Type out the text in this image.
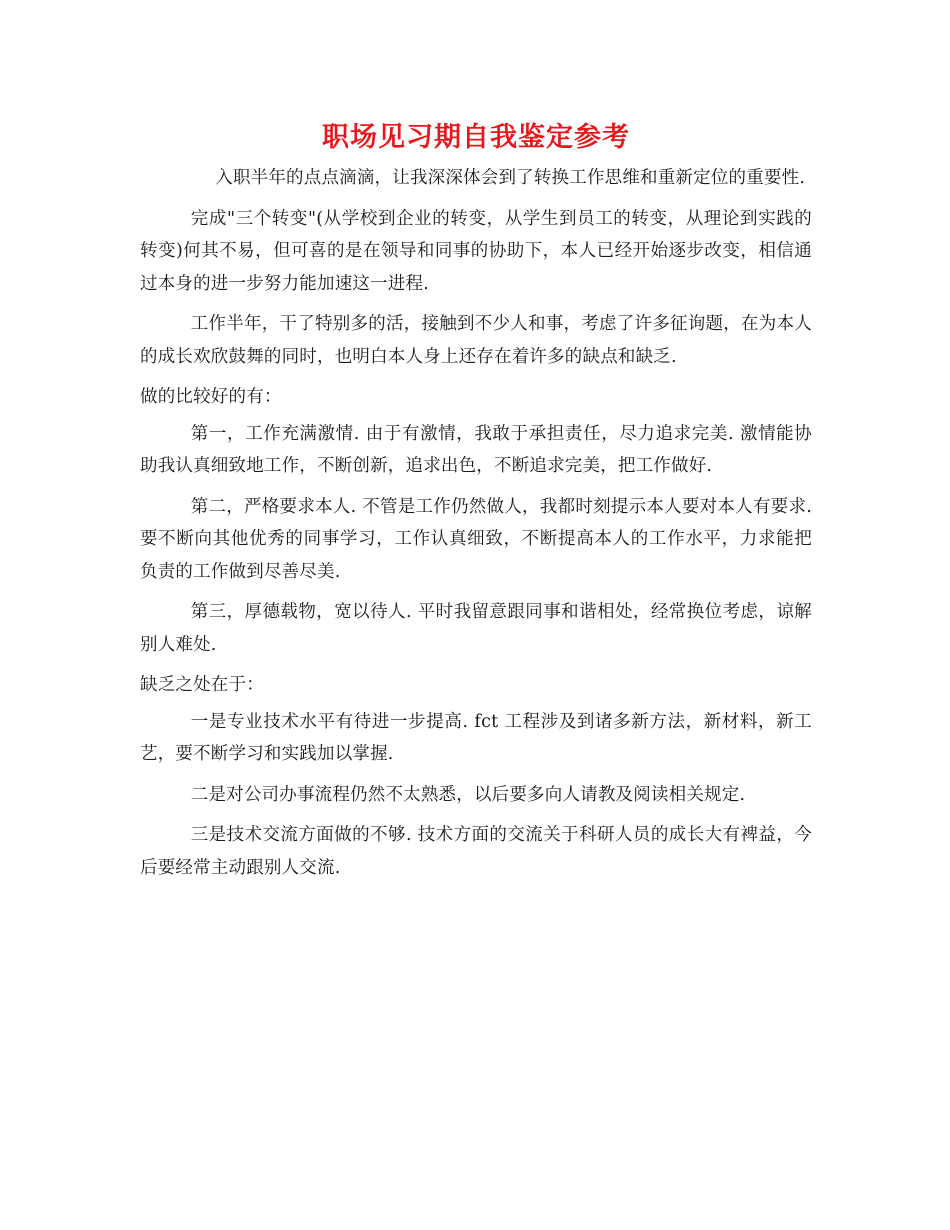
职场见习期自我鉴定参考

入职半年的点点滴滴，让我深深体会到了转换工作思维和重新定位的重要性.

完成"三个转变"(从学校到企业的转变，从学生到员工的转变，从理论到实践的转变)何其不易，但可喜的是在领导和同事的协助下，本人已经开始逐步改变，相信通过本身的进一步努力能加速这一进程.

工作半年，干了特别多的活，接触到不少人和事，考虑了许多征询题，在为本人的成长欢欣鼓舞的同时，也明白本人身上还存在着许多的缺点和缺乏.

做的比较好的有：

第一，工作充满激情. 由于有激情，我敢于承担责任，尽力追求完美. 激情能协助我认真细致地工作，不断创新，追求出色，不断追求完美，把工作做好.

第二，严格要求本人. 不管是工作仍然做人，我都时刻提示本人要对本人有要求. 要不断向其他优秀的同事学习，工作认真细致，不断提高本人的工作水平，力求能把负责的工作做到尽善尽美.

第三，厚德载物，宽以待人. 平时我留意跟同事和谐相处，经常换位考虑，谅解别人难处.

缺乏之处在于：

一是专业技术水平有待进一步提高. fct 工程涉及到诸多新方法，新材料，新工艺，要不断学习和实践加以掌握.

二是对公司办事流程仍然不太熟悉，以后要多向人请教及阅读相关规定.

三是技术交流方面做的不够. 技术方面的交流关于科研人员的成长大有裨益，今后要经常主动跟别人交流.
